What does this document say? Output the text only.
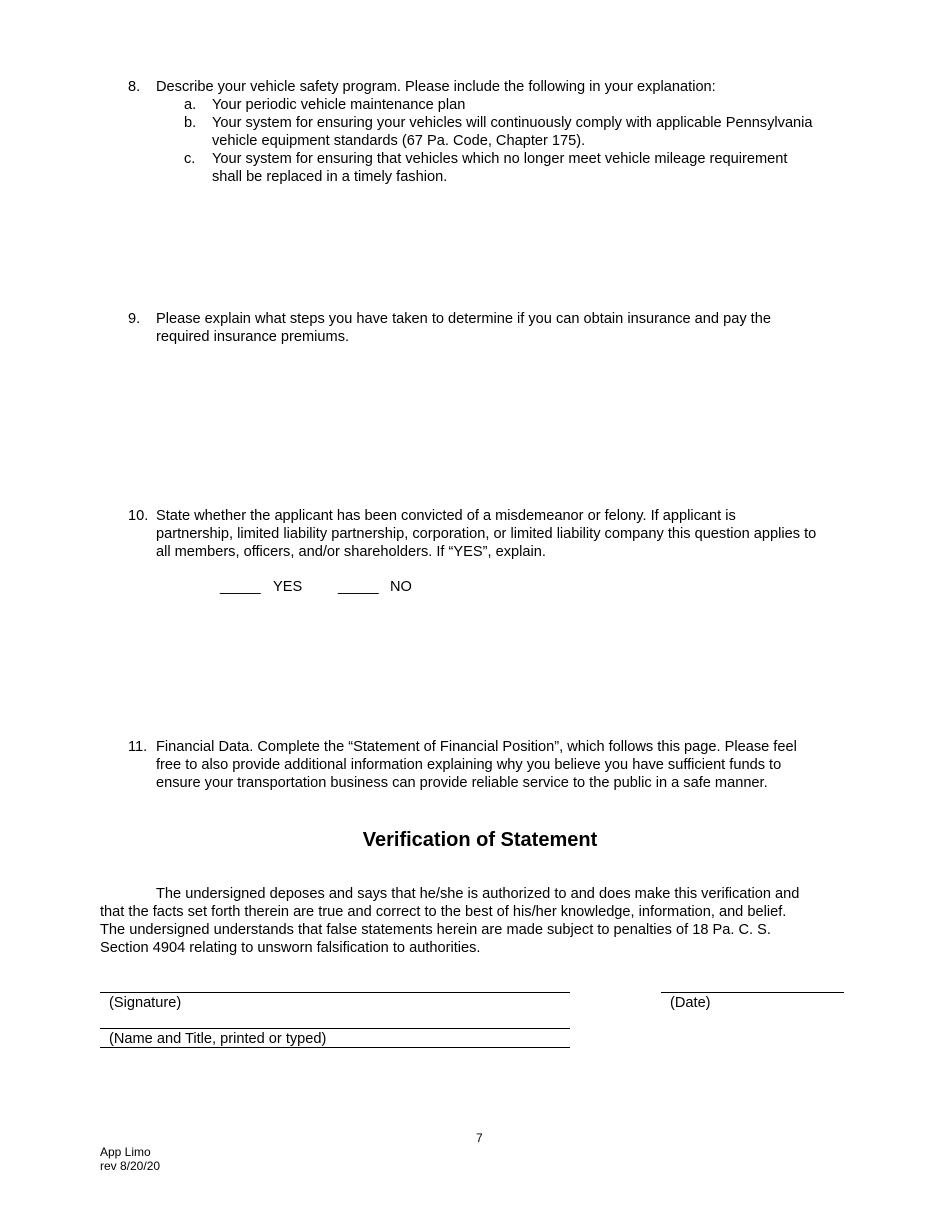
8. Describe your vehicle safety program. Please include the following in your explanation:
a. Your periodic vehicle maintenance plan
b. Your system for ensuring your vehicles will continuously comply with applicable Pennsylvania
vehicle equipment standards (67 Pa. Code, Chapter 175).
c. Your system for ensuring that vehicles which no longer meet vehicle mileage requirement
shall be replaced in a timely fashion.
9. Please explain what steps you have taken to determine if you can obtain insurance and pay the
required insurance premiums.
10. State whether the applicant has been convicted of a misdemeanor or felony. If applicant is
partnership, limited liability partnership, corporation, or limited liability company this question applies to
all members, officers, and/or shareholders. If “YES”, explain.
_____ YES _____ NO
11. Financial Data. Complete the “Statement of Financial Position”, which follows this page. Please feel
free to also provide additional information explaining why you believe you have sufficient funds to
ensure your transportation business can provide reliable service to the public in a safe manner.
Verification of Statement
The undersigned deposes and says that he/she is authorized to and does make this verification and
that the facts set forth therein are true and correct to the best of his/her knowledge, information, and belief.
The undersigned understands that false statements herein are made subject to penalties of 18 Pa. C. S.
Section 4904 relating to unsworn falsification to authorities.
(Signature)	(Date)
(Name and Title, printed or typed)
7
App Limo
rev 8/20/20
